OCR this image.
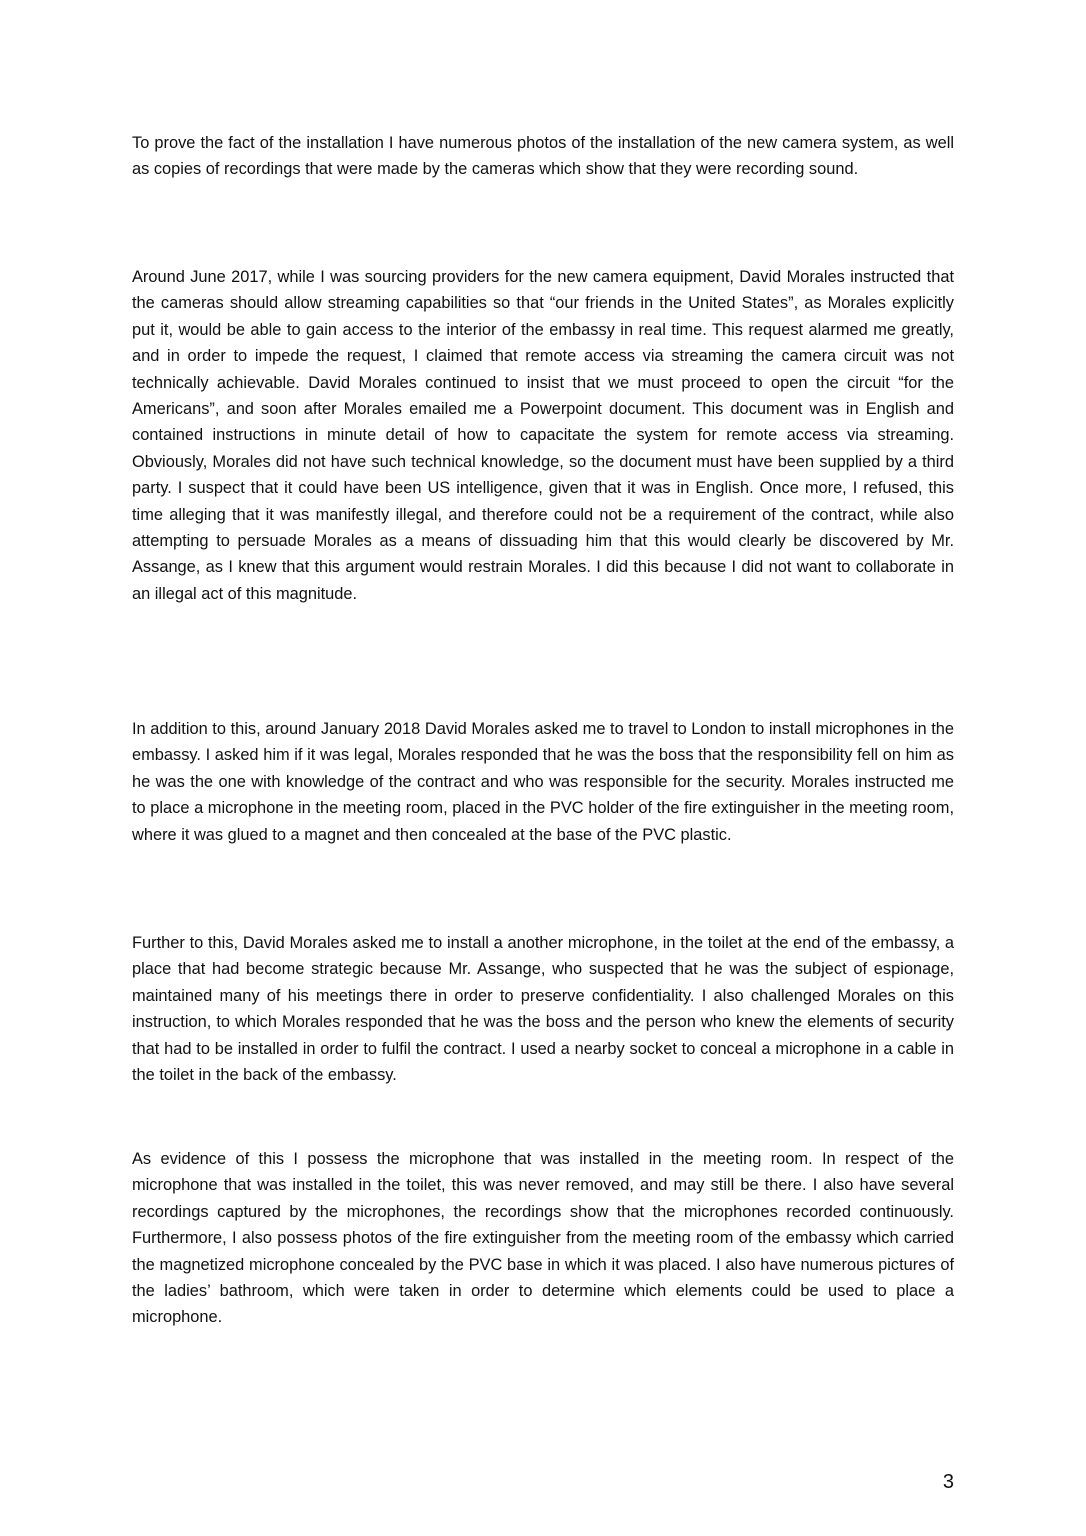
To prove the fact of the installation I have numerous photos of the installation of the new camera system, as well as copies of recordings that were made by the cameras which show that they were recording sound.

Around June 2017, while I was sourcing providers for the new camera equipment, David Morales instructed that the cameras should allow streaming capabilities so that “our friends in the United States”, as Morales explicitly put it, would be able to gain access to the interior of the embassy in real time. This request alarmed me greatly, and in order to impede the request, I claimed that remote access via streaming the camera circuit was not technically achievable. David Morales continued to insist that we must proceed to open the circuit “for the Americans”, and soon after Morales emailed me a Powerpoint document. This document was in English and contained instructions in minute detail of how to capacitate the system for remote access via streaming. Obviously, Morales did not have such technical knowledge, so the document must have been supplied by a third party. I suspect that it could have been US intelligence, given that it was in English. Once more, I refused, this time alleging that it was manifestly illegal, and therefore could not be a requirement of the contract, while also attempting to persuade Morales as a means of dissuading him that this would clearly be discovered by Mr. Assange, as I knew that this argument would restrain Morales. I did this because I did not want to collaborate in an illegal act of this magnitude.

In addition to this, around January 2018 David Morales asked me to travel to London to install microphones in the embassy. I asked him if it was legal, Morales responded that he was the boss that the responsibility fell on him as he was the one with knowledge of the contract and who was responsible for the security. Morales instructed me to place a microphone in the meeting room, placed in the PVC holder of the fire extinguisher in the meeting room, where it was glued to a magnet and then concealed at the base of the PVC plastic.

Further to this, David Morales asked me to install a another microphone, in the toilet at the end of the embassy, a place that had become strategic because Mr. Assange, who suspected that he was the subject of espionage, maintained many of his meetings there in order to preserve confidentiality. I also challenged Morales on this instruction, to which Morales responded that he was the boss and the person who knew the elements of security that had to be installed in order to fulfil the contract. I used a nearby socket to conceal a microphone in a cable in the toilet in the back of the embassy.

As evidence of this I possess the microphone that was installed in the meeting room. In respect of the microphone that was installed in the toilet, this was never removed, and may still be there. I also have several recordings captured by the microphones, the recordings show that the microphones recorded continuously. Furthermore, I also possess photos of the fire extinguisher from the meeting room of the embassy which carried the magnetized microphone concealed by the PVC base in which it was placed. I also have numerous pictures of the ladies’ bathroom, which were taken in order to determine which elements could be used to place a microphone.

3
